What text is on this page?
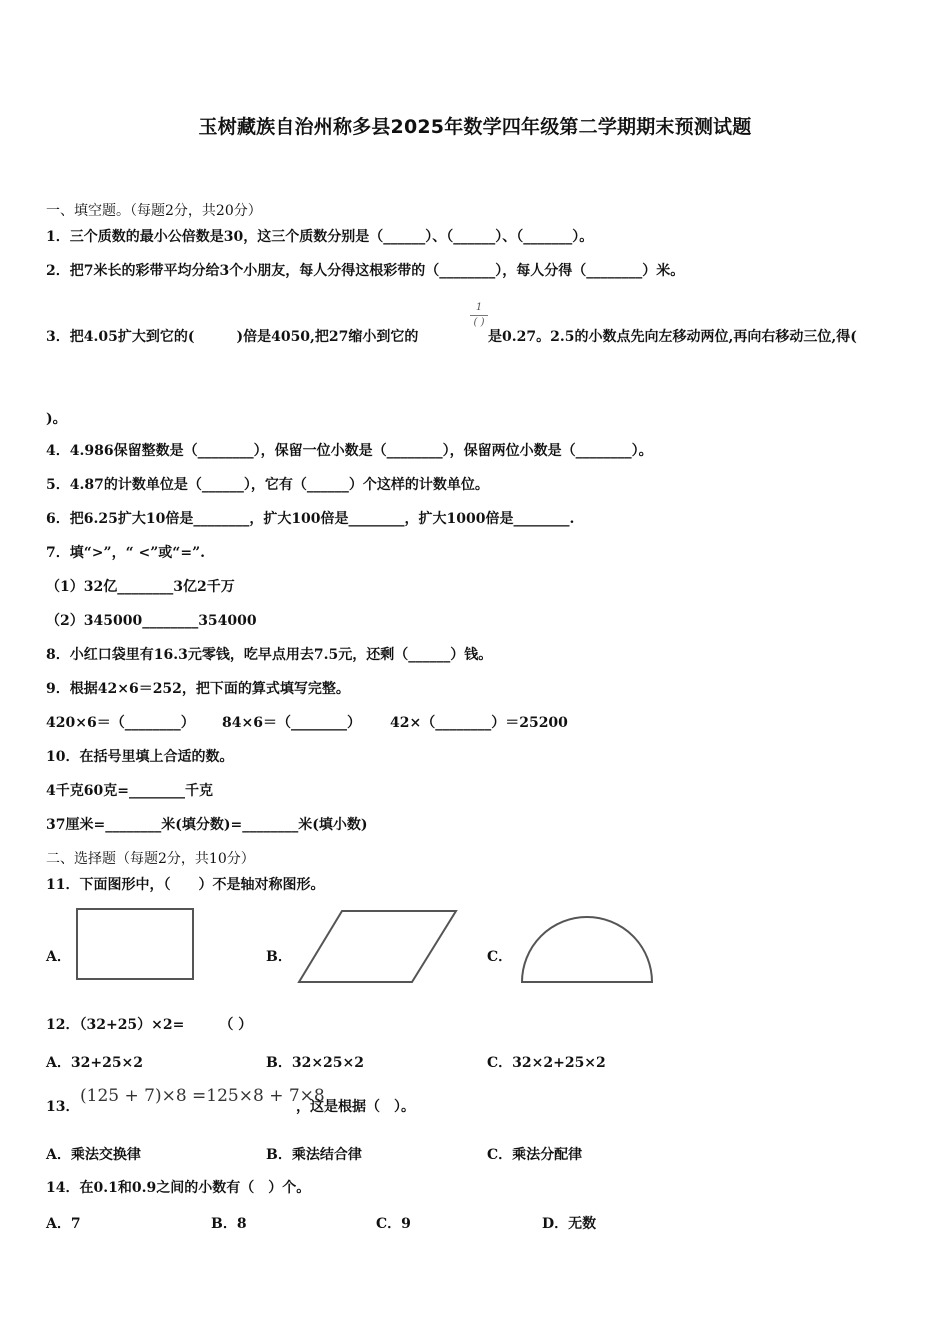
玉树藏族自治州称多县2025年数学四年级第二学期期末预测试题
一、填空题。（每题2分，共20分）
1．三个质数的最小公倍数是30，这三个质数分别是（______）、（______）、（_______）。
2．把7米长的彩带平均分给3个小朋友，每人分得这根彩带的（________），每人分得（________）米。
3．把4.05扩大到它的(　　　)倍是4050,把27缩小到它的
1
( )
是0.27。2.5的小数点先向左移动两位,再向右移动三位,得(
)。
4．4.986保留整数是（________），保留一位小数是（________），保留两位小数是（________）。
5．4.87的计数单位是（______），它有（______）个这样的计数单位。
6．把6.25扩大10倍是________，扩大100倍是________，扩大1000倍是________.
7．填“>”，“ <”或“=”.
（1）32亿________3亿2千万
（2）345000________354000
8．小红口袋里有16.3元零钱，吃早点用去7.5元，还剩（______）钱。
9．根据42×6＝252，把下面的算式填写完整。
420×6＝（________） 84×6＝（________） 42×（________）＝25200
10．在括号里填上合适的数。
4千克60克=________千克
37厘米=________米(填分数)=________米(填小数)
二、选择题（每题2分，共10分）
11．下面图形中，（　　）不是轴对称图形。
A．	B．	C．
12．（32+25）×2=　　　（ ）
A．32+25×2	B．32×25×2	C．32×2+25×2
13．
(125 + 7)×8 =125×8 + 7×8
，这是根据（　）。
A．乘法交换律	B．乘法结合律	C．乘法分配律
14．在0.1和0.9之间的小数有（　）个。
A．7	B．8	C．9	D．无数
